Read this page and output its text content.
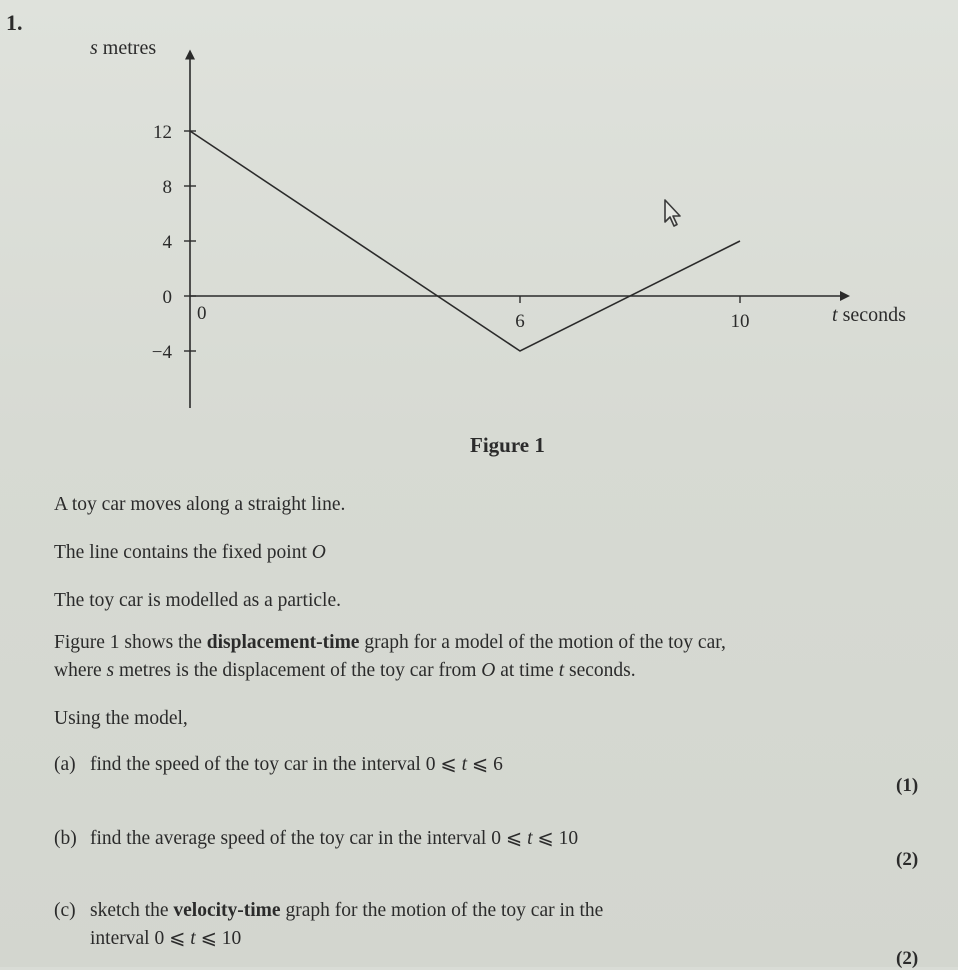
1.
12
8
4
0
−4
6	10
s metres
t seconds
0
Figure 1
A toy car moves along a straight line.
The line contains the fixed point O
The toy car is modelled as a particle.
Figure 1 shows the displacement-time graph for a model of the motion of the toy car,
where s metres is the displacement of the toy car from O at time t seconds.
Using the model,
(a) find the speed of the toy car in the interval 0 ⩽ t ⩽ 6
(1)
(b) find the average speed of the toy car in the interval 0 ⩽ t ⩽ 10
(2)
(c) sketch the velocity-time graph for the motion of the toy car in the
interval 0 ⩽ t ⩽ 10
(2)
